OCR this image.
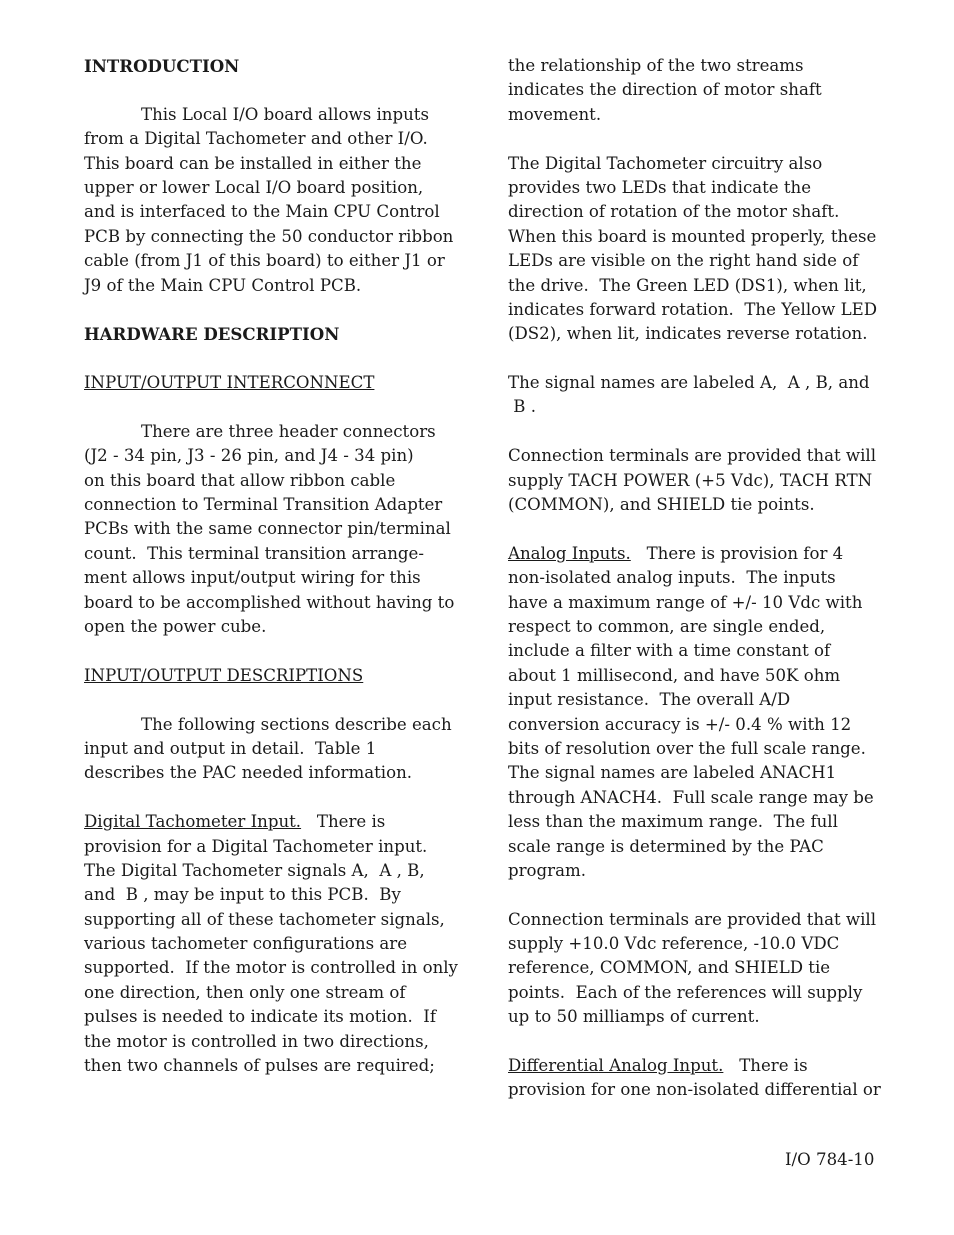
INTRODUCTION
This Local I/O board allows inputs
from a Digital Tachometer and other I/O.
This board can be installed in either the
upper or lower Local I/O board position,
and is interfaced to the Main CPU Control
PCB by connecting the 50 conductor ribbon
cable (from J1 of this board) to either J1 or
J9 of the Main CPU Control PCB.
HARDWARE DESCRIPTION
INPUT/OUTPUT INTERCONNECT
There are three header connectors
(J2 - 34 pin, J3 - 26 pin, and J4 - 34 pin)
on this board that allow ribbon cable
connection to Terminal Transition Adapter
PCBs with the same connector pin/terminal
count.  This terminal transition arrange-
ment allows input/output wiring for this
board to be accomplished without having to
open the power cube.
INPUT/OUTPUT DESCRIPTIONS
The following sections describe each
input and output in detail.  Table 1
describes the PAC needed information.
Digital Tachometer Input.   There is
provision for a Digital Tachometer input.
The Digital Tachometer signals A,  A , B,
and  B , may be input to this PCB.  By
supporting all of these tachometer signals,
various tachometer configurations are
supported.  If the motor is controlled in only
one direction, then only one stream of
pulses is needed to indicate its motion.  If
the motor is controlled in two directions,
then two channels of pulses are required;
the relationship of the two streams
indicates the direction of motor shaft
movement.
The Digital Tachometer circuitry also
provides two LEDs that indicate the
direction of rotation of the motor shaft.
When this board is mounted properly, these
LEDs are visible on the right hand side of
the drive.  The Green LED (DS1), when lit,
indicates forward rotation.  The Yellow LED
(DS2), when lit, indicates reverse rotation.
The signal names are labeled A,  A , B, and
B .
Connection terminals are provided that will
supply TACH POWER (+5 Vdc), TACH RTN
(COMMON), and SHIELD tie points.
Analog Inputs.   There is provision for 4
non-isolated analog inputs.  The inputs
have a maximum range of +/- 10 Vdc with
respect to common, are single ended,
include a filter with a time constant of
about 1 millisecond, and have 50K ohm
input resistance.  The overall A/D
conversion accuracy is +/- 0.4 % with 12
bits of resolution over the full scale range.
The signal names are labeled ANACH1
through ANACH4.  Full scale range may be
less than the maximum range.  The full
scale range is determined by the PAC
program.
Connection terminals are provided that will
supply +10.0 Vdc reference, -10.0 VDC
reference, COMMON, and SHIELD tie
points.  Each of the references will supply
up to 50 milliamps of current.
Differential Analog Input.   There is
provision for one non-isolated differential or
I/O 784-10
